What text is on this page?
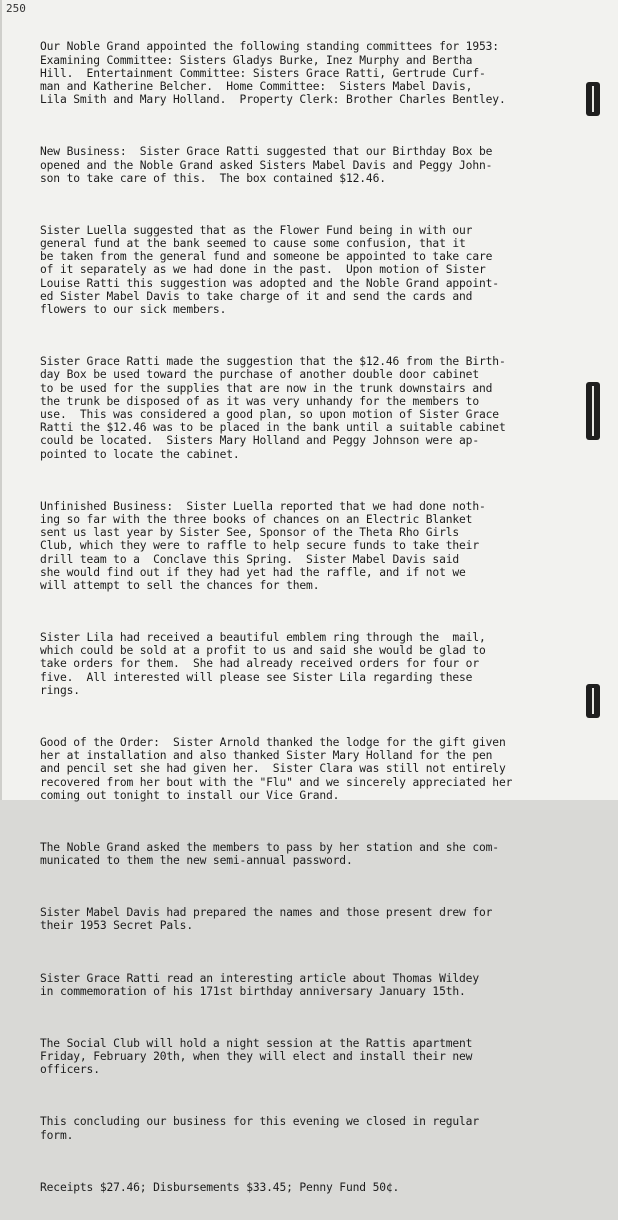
250

Our Noble Grand appointed the following standing committees for 1953:
Examining Committee: Sisters Gladys Burke, Inez Murphy and Bertha
Hill.  Entertainment Committee: Sisters Grace Ratti, Gertrude Curf-
man and Katherine Belcher.  Home Committee:  Sisters Mabel Davis,
Lila Smith and Mary Holland.  Property Clerk: Brother Charles Bentley.

New Business:  Sister Grace Ratti suggested that our Birthday Box be
opened and the Noble Grand asked Sisters Mabel Davis and Peggy John-
son to take care of this.  The box contained $12.46.

Sister Luella suggested that as the Flower Fund being in with our
general fund at the bank seemed to cause some confusion, that it
be taken from the general fund and someone be appointed to take care
of it separately as we had done in the past.  Upon motion of Sister
Louise Ratti this suggestion was adopted and the Noble Grand appoint-
ed Sister Mabel Davis to take charge of it and send the cards and
flowers to our sick members.

Sister Grace Ratti made the suggestion that the $12.46 from the Birth-
day Box be used toward the purchase of another double door cabinet
to be used for the supplies that are now in the trunk downstairs and
the trunk be disposed of as it was very unhandy for the members to
use.  This was considered a good plan, so upon motion of Sister Grace
Ratti the $12.46 was to be placed in the bank until a suitable cabinet
could be located.  Sisters Mary Holland and Peggy Johnson were ap-
pointed to locate the cabinet.

Unfinished Business:  Sister Luella reported that we had done noth-
ing so far with the three books of chances on an Electric Blanket
sent us last year by Sister See, Sponsor of the Theta Rho Girls
Club, which they were to raffle to help secure funds to take their
drill team to a  Conclave this Spring.  Sister Mabel Davis said
she would find out if they had yet had the raffle, and if not we
will attempt to sell the chances for them.

Sister Lila had received a beautiful emblem ring through the  mail,
which could be sold at a profit to us and said she would be glad to
take orders for them.  She had already received orders for four or
five.  All interested will please see Sister Lila regarding these
rings.

Good of the Order:  Sister Arnold thanked the lodge for the gift given
her at installation and also thanked Sister Mary Holland for the pen
and pencil set she had given her.  Sister Clara was still not entirely
recovered from her bout with the "Flu" and we sincerely appreciated her
coming out tonight to install our Vice Grand.

The Noble Grand asked the members to pass by her station and she com-
municated to them the new semi-annual password.

Sister Mabel Davis had prepared the names and those present drew for
their 1953 Secret Pals.

Sister Grace Ratti read an interesting article about Thomas Wildey
in commemoration of his 171st birthday anniversary January 15th.

The Social Club will hold a night session at the Rattis apartment
Friday, February 20th, when they will elect and install their new
officers.

This concluding our business for this evening we closed in regular
form.

Receipts $27.46; Disbursements $33.45; Penny Fund 50¢.
